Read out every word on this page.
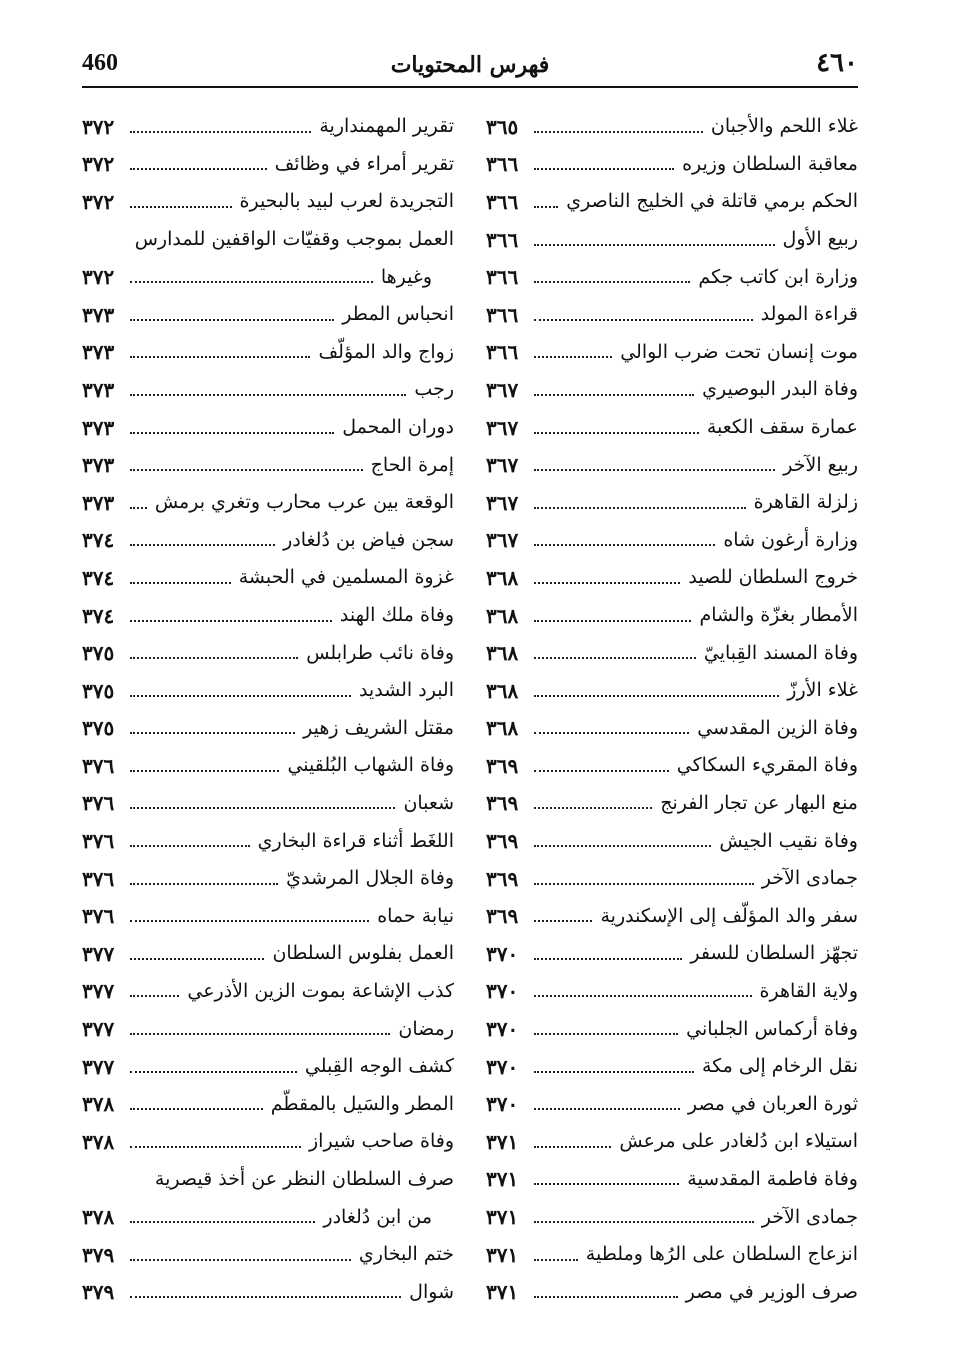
٤٦٠
فهرس المحتويات
460
غلاء اللحم والأجبان
٣٦٥
معاقبة السلطان وزيره
٣٦٦
الحكم برمي قاتلة في الخليج الناصري
٣٦٦
ربيع الأول
٣٦٦
وزارة ابن كاتب جكم
٣٦٦
قراءة المولد
٣٦٦
موت إنسان تحت ضرب الوالي
٣٦٦
وفاة البدر البوصيري
٣٦٧
عمارة سقف الكعبة
٣٦٧
ربيع الآخر
٣٦٧
زلزلة القاهرة
٣٦٧
وزارة أرغون شاه
٣٦٧
خروج السلطان للصيد
٣٦٨
الأمطار بغزّة والشام
٣٦٨
وفاة المسند القِباييّ
٣٦٨
غلاء الأرزّ
٣٦٨
وفاة الزين المقدسي
٣٦٨
وفاة المقريء السكاكي
٣٦٩
منع البهار عن تجار الفرنج
٣٦٩
وفاة نقيب الجيش
٣٦٩
جمادى الآخر
٣٦٩
سفر والد المؤلّف إلى الإسكندرية
٣٦٩
تجهّز السلطان للسفر
٣٧٠
ولاية القاهرة
٣٧٠
وفاة أركماس الجلباني
٣٧٠
نقل الرخام إلى مكة
٣٧٠
ثورة العربان في مصر
٣٧٠
استيلاء ابن دُلغادر على مرعش
٣٧١
وفاة فاطمة المقدسية
٣٧١
جمادى الآخر
٣٧١
انزعاج السلطان على الرُها وملطية
٣٧١
صرف الوزير في مصر
٣٧١
تقرير المهمندارية
٣٧٢
تقرير أمراء في وظائف
٣٧٢
التجريدة لعرب لبيد بالبحيرة
٣٧٢
العمل بموجب وقفيّات الواقفين للمدارس
وغيرها
٣٧٢
انحباس المطر
٣٧٣
زواج والد المؤلّف
٣٧٣
رجب
٣٧٣
دوران المحمل
٣٧٣
إمرة الحاج
٣٧٣
الوقعة بين عرب محارب وتغري برمش
٣٧٣
سجن فياض بن دُلغادر
٣٧٤
غزوة المسلمين في الحبشة
٣٧٤
وفاة ملك الهند
٣٧٤
وفاة نائب طرابلس
٣٧٥
البرد الشديد
٣٧٥
مقتل الشريف زهير
٣٧٥
وفاة الشهاب البُلقيني
٣٧٦
شعبان
٣٧٦
اللغَط أثناء قراءة البخاري
٣٧٦
وفاة الجلال المرشديّ
٣٧٦
نيابة حماه
٣٧٦
العمل بفلوس السلطان
٣٧٧
كذب الإشاعة بموت الزين الأذرعي
٣٧٧
رمضان
٣٧٧
كشف الوجه القِبلي
٣٧٧
المطر والسَيل بالمقطّم
٣٧٨
وفاة صاحب شيراز
٣٧٨
صرف السلطان النظر عن أخذ قيصرية
من ابن دُلغادر
٣٧٨
ختم البخاري
٣٧٩
شوال
٣٧٩
